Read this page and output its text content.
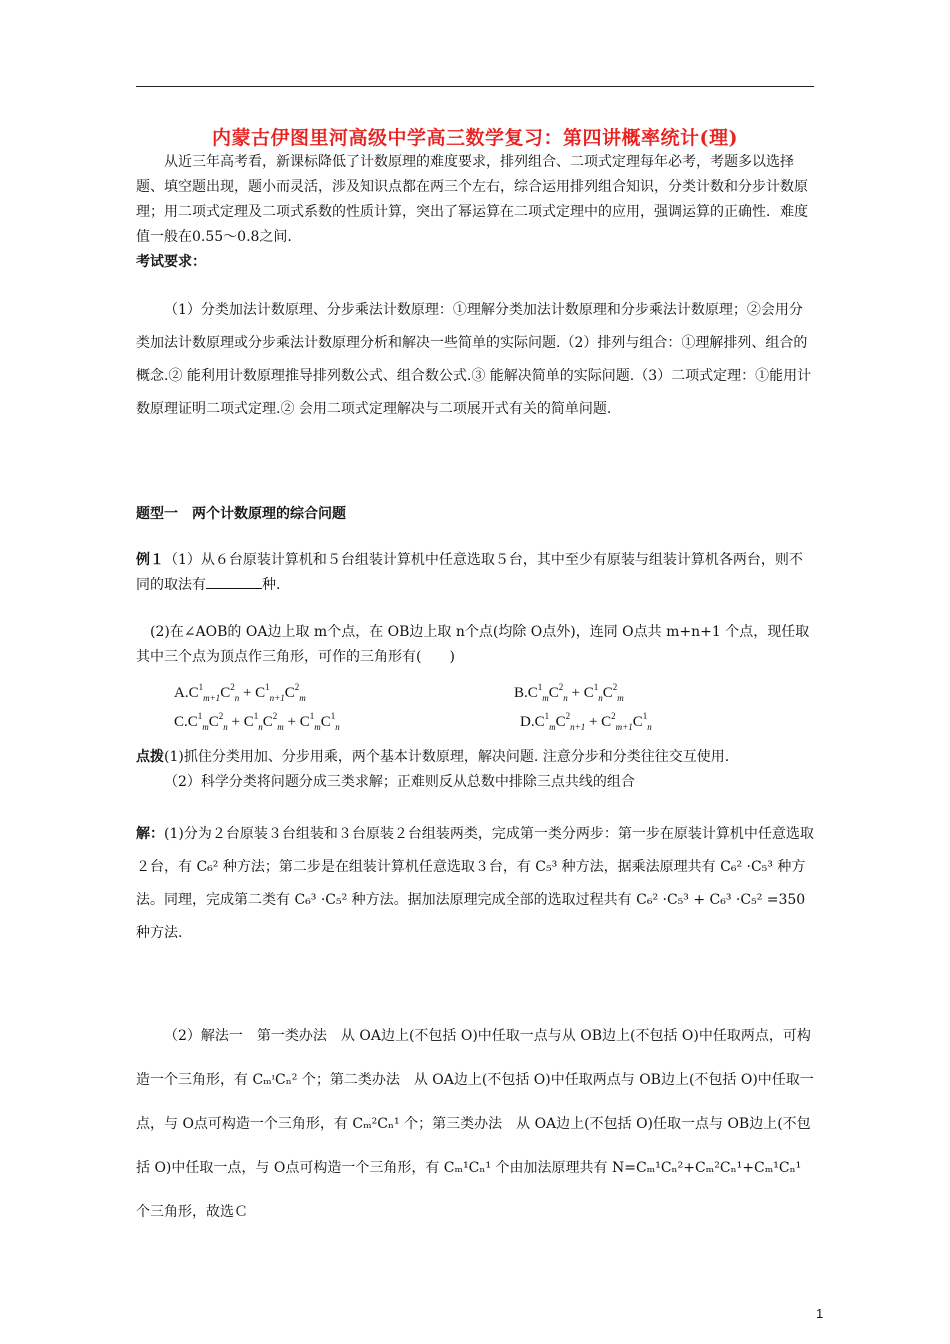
内蒙古伊图里河高级中学高三数学复习：第四讲概率统计(理)

从近三年高考看，新课标降低了计数原理的难度要求，排列组合、二项式定理每年必考，考题多以选择题、填空题出现，题小而灵活，涉及知识点都在两三个左右，综合运用排列组合知识，分类计数和分步计数原理；用二项式定理及二项式系数的性质计算，突出了幂运算在二项式定理中的应用，强调运算的正确性．难度值一般在0.55～0.8之间.

考试要求：

（1）分类加法计数原理、分步乘法计数原理：①理解分类加法计数原理和分步乘法计数原理；②会用分类加法计数原理或分步乘法计数原理分析和解决一些简单的实际问题.（2）排列与组合：①理解排列、组合的概念.② 能利用计数原理推导排列数公式、组合数公式.③ 能解决简单的实际问题.（3）二项式定理：①能用计数原理证明二项式定理.② 会用二项式定理解决与二项展开式有关的简单问题.

题型一　两个计数原理的综合问题

例１（1）从６台原装计算机和５台组装计算机中任意选取５台，其中至少有原装与组装计算机各两台，则不同的取法有	种.

(2)在∠AOB的 OA边上取 m个点，在 OB边上取 n个点(均除 O点外)，连同 O点共 m+n+1 个点，现任取其中三个点为顶点作三角形，可作的三角形有(　　)

$A.C^1_{m+1}C^2_n + C^1_{n+1}C^2_m$	$B.C^1_mC^2_n + C^1_nC^2_m$
$C.C^1_mC^2_n + C^1_nC^2_m + C^1_mC^1_n$	$D.C^1_mC^2_{n+1} + C^2_{m+1}C^1_n$

点拨(1)抓住分类用加、分步用乘，两个基本计数原理，解决问题. 注意分步和分类往往交互使用.

（2）科学分类将问题分成三类求解；正难则反从总数中排除三点共线的组合

解：(1)分为２台原装３台组装和３台原装２台组装两类，完成第一类分两步：第一步在原装计算机中任意选取２台，有 C₆² 种方法；第二步是在组装计算机任意选取３台，有 C₅³ 种方法，据乘法原理共有 C₆² ·C₅³ 种方法。同理，完成第二类有 C₆³ ·C₅² 种方法。据加法原理完成全部的选取过程共有 C₆² ·C₅³ + C₆³ ·C₅² =350 种方法.

（2）解法一　第一类办法　从 OA边上(不包括 O)中任取一点与从 OB边上(不包括 O)中任取两点，可构造一个三角形，有 CₘᶦCₙ² 个；第二类办法　从 OA边上(不包括 O)中任取两点与 OB边上(不包括 O)中任取一点，与 O点可构造一个三角形，有 Cₘ²Cₙ¹ 个；第三类办法　从 OA边上(不包括 O)任取一点与 OB边上(不包括 O)中任取一点，与 O点可构造一个三角形，有 Cₘ¹Cₙ¹ 个由加法原理共有 N=Cₘ¹Cₙ²+Cₘ²Cₙ¹+Cₘ¹Cₙ¹ 个三角形，故选Ｃ

1
